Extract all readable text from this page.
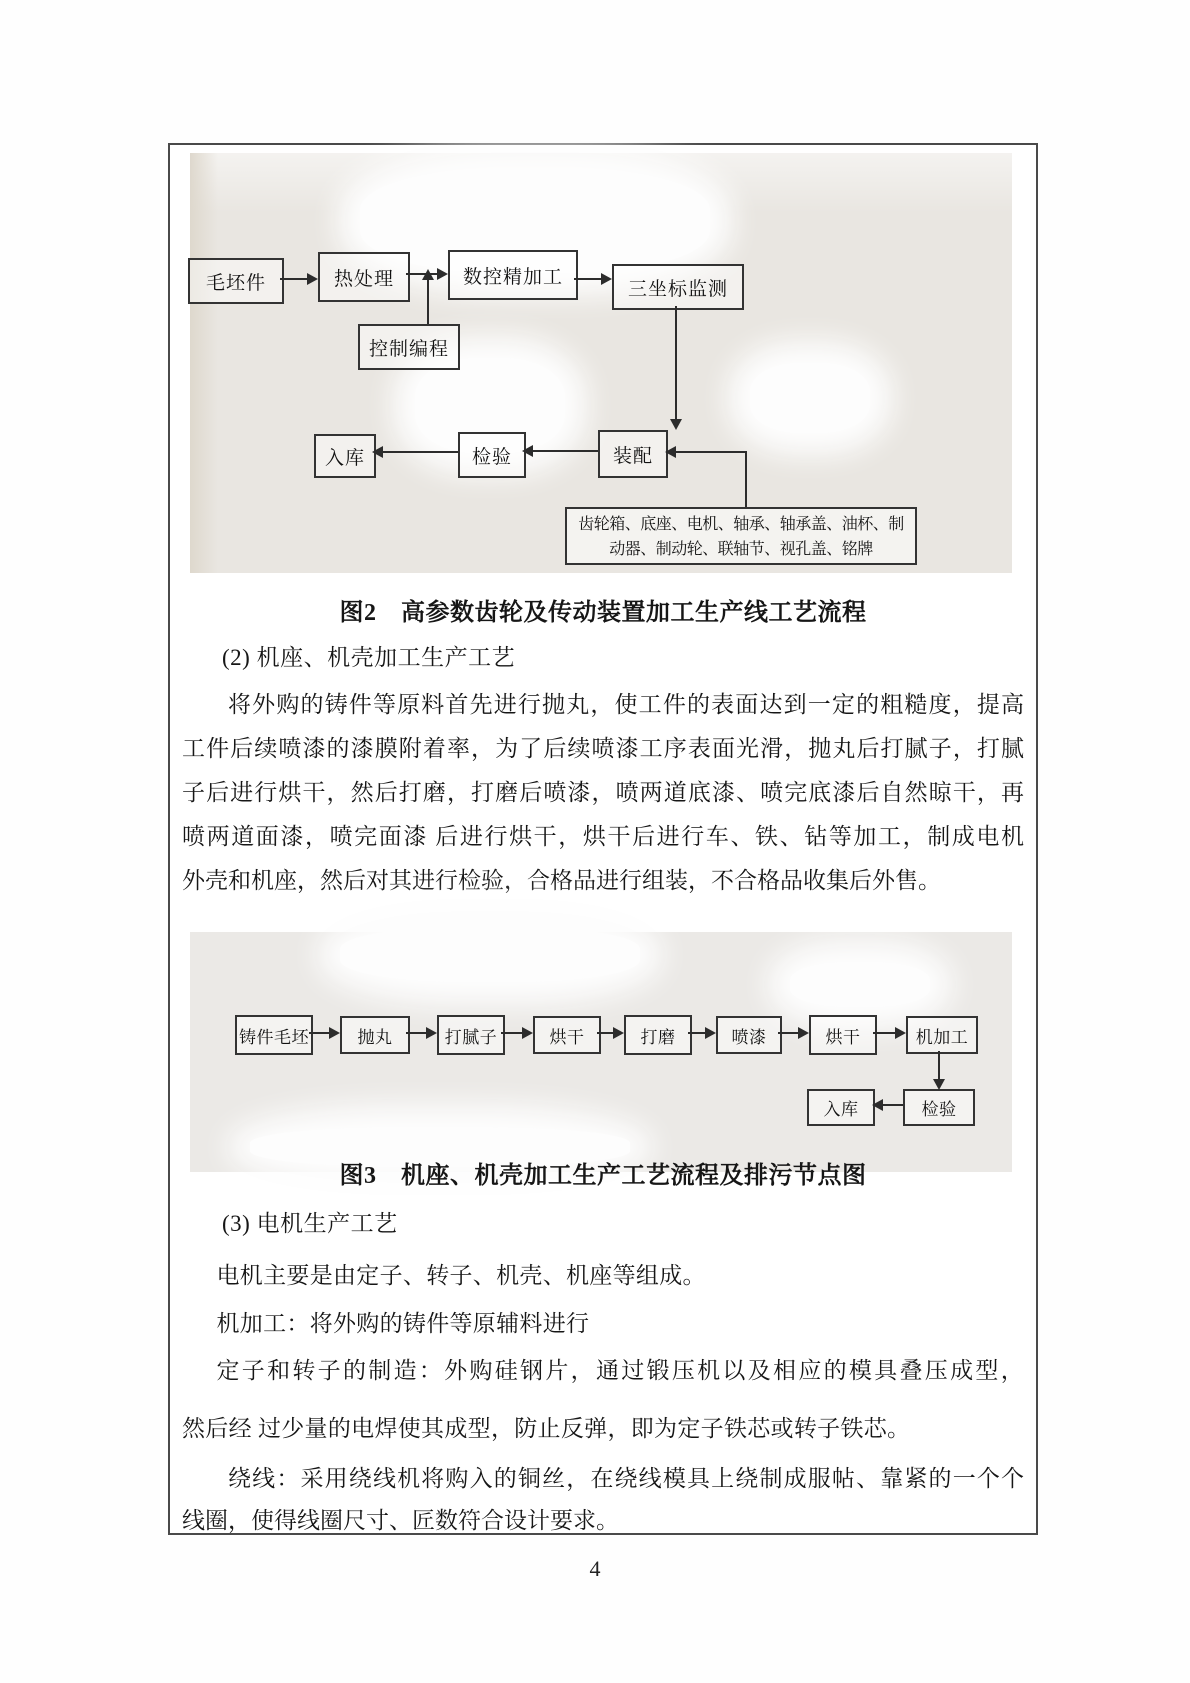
毛坯件	热处理	数控精加工
三坐标监测
控制编程
入库	检验	装配
齿轮箱、底座、电机、轴承、轴承盖、油杯、制动器、制动轮、联轴节、视孔盖、铭牌
图2　高参数齿轮及传动装置加工生产线工艺流程
(2) 机座、机壳加工生产工艺
将外购的铸件等原料首先进行抛丸，使工件的表面达到一定的粗糙度，提高
工件后续喷漆的漆膜附着率，为了后续喷漆工序表面光滑，抛丸后打腻子，打腻
子后进行烘干，然后打磨，打磨后喷漆，喷两道底漆、喷完底漆后自然晾干，再
喷两道面漆，喷完面漆 后进行烘干，烘干后进行车、铁、钻等加工，制成电机
外壳和机座，然后对其进行检验，合格品进行组装，不合格品收集后外售。
铸件毛坯	抛丸	打腻子	烘干	打磨	喷漆	烘干	机加工
入库	检验
图3　机座、机壳加工生产工艺流程及排污节点图
(3) 电机生产工艺
电机主要是由定子、转子、机壳、机座等组成。
机加工：将外购的铸件等原辅料进行
定子和转子的制造：外购硅钢片，通过锻压机以及相应的模具叠压成型，
然后经 过少量的电焊使其成型，防止反弹，即为定子铁芯或转子铁芯。
绕线：采用绕线机将购入的铜丝，在绕线模具上绕制成服帖、靠紧的一个个
线圈，使得线圈尺寸、匠数符合设计要求。
4
